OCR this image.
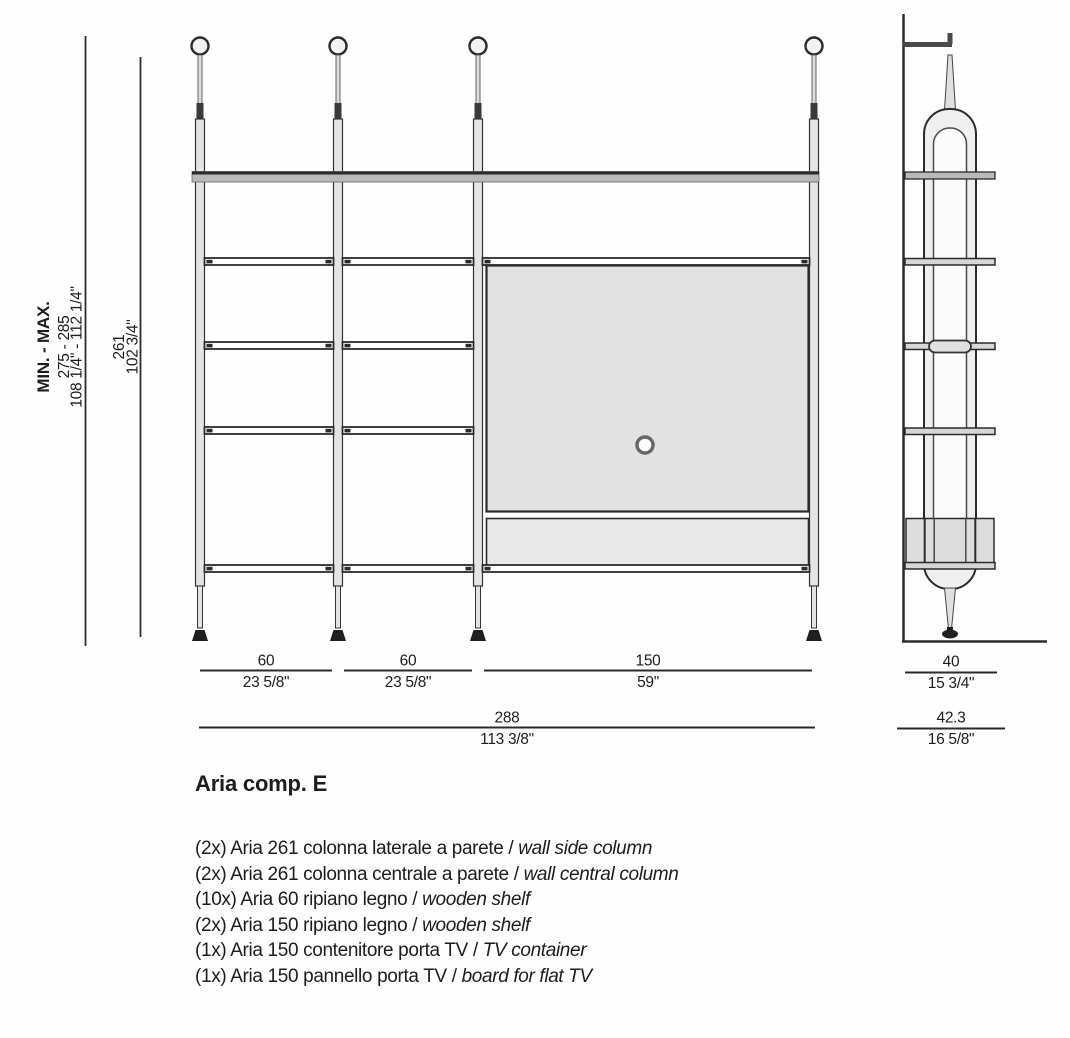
MIN. - MAX. 275 - 285
108 1/4" - 112 1/4" 261
102 3/4"
60
23 5/8"
60
23 5/8"
150
59"
288
113 3/8"
40
15 3/4"
42.3
16 5/8"
Aria comp. E
(2x) Aria 261 colonna laterale a parete / wall side column
(2x) Aria 261 colonna centrale a parete / wall central column
(10x) Aria 60 ripiano legno / wooden shelf
(2x) Aria 150 ripiano legno / wooden shelf
(1x) Aria 150 contenitore porta TV / TV container
(1x) Aria 150 pannello porta TV / board for flat TV
